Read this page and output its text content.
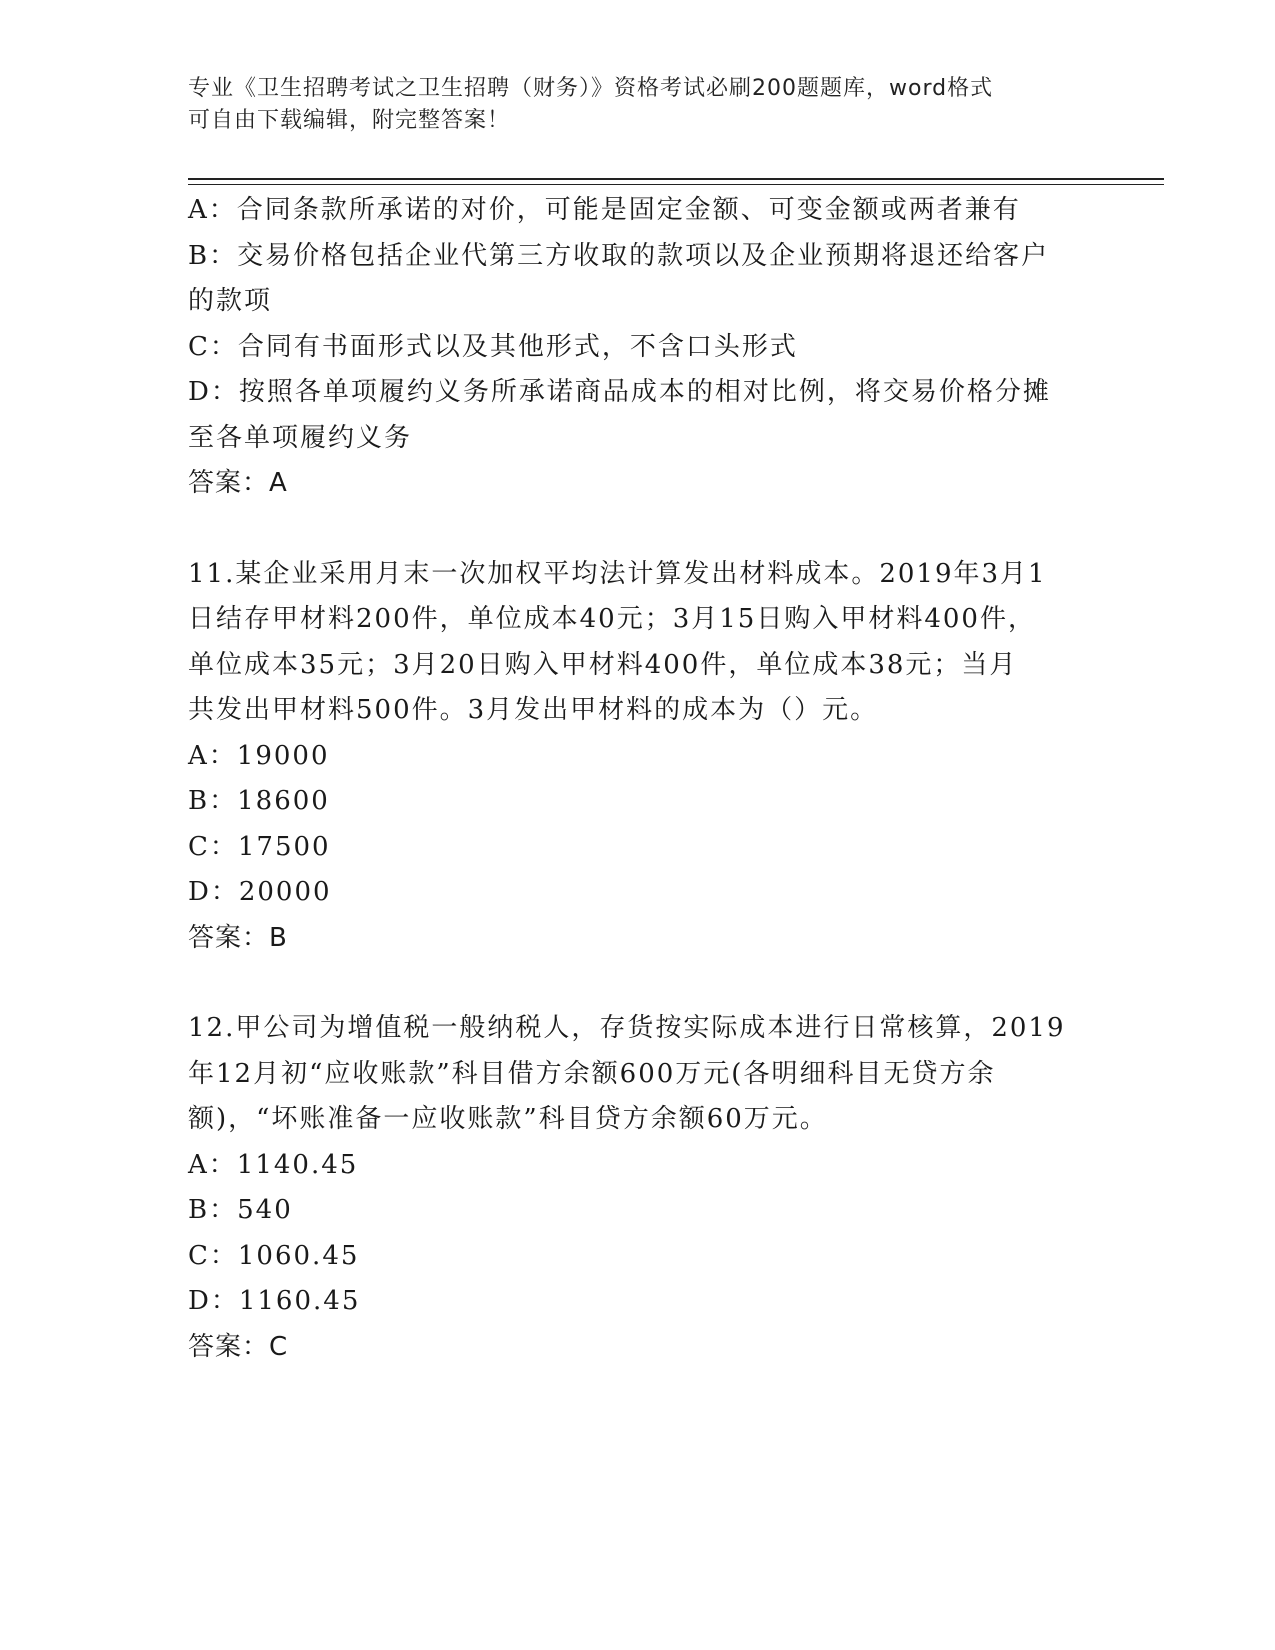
专业《卫生招聘考试之卫生招聘（财务）》资格考试必刷200题题库，word格式
可自由下载编辑，附完整答案！
A：合同条款所承诺的对价，可能是固定金额、可变金额或两者兼有
B：交易价格包括企业代第三方收取的款项以及企业预期将退还给客户
的款项
C：合同有书面形式以及其他形式，不含口头形式
D：按照各单项履约义务所承诺商品成本的相对比例，将交易价格分摊
至各单项履约义务
答案：A
11.某企业采用月末一次加权平均法计算发出材料成本。2019年3月1
日结存甲材料200件，单位成本40元；3月15日购入甲材料400件，
单位成本35元；3月20日购入甲材料400件，单位成本38元；当月
共发出甲材料500件。3月发出甲材料的成本为（）元。
A：19000
B：18600
C：17500
D：20000
答案：B
12.甲公司为增值税一般纳税人，存货按实际成本进行日常核算，2019
年12月初“应收账款”科目借方余额600万元(各明细科目无贷方余
额)，“坏账准备一应收账款”科目贷方余额60万元。
A：1140.45
B：540
C：1060.45
D：1160.45
答案：C
